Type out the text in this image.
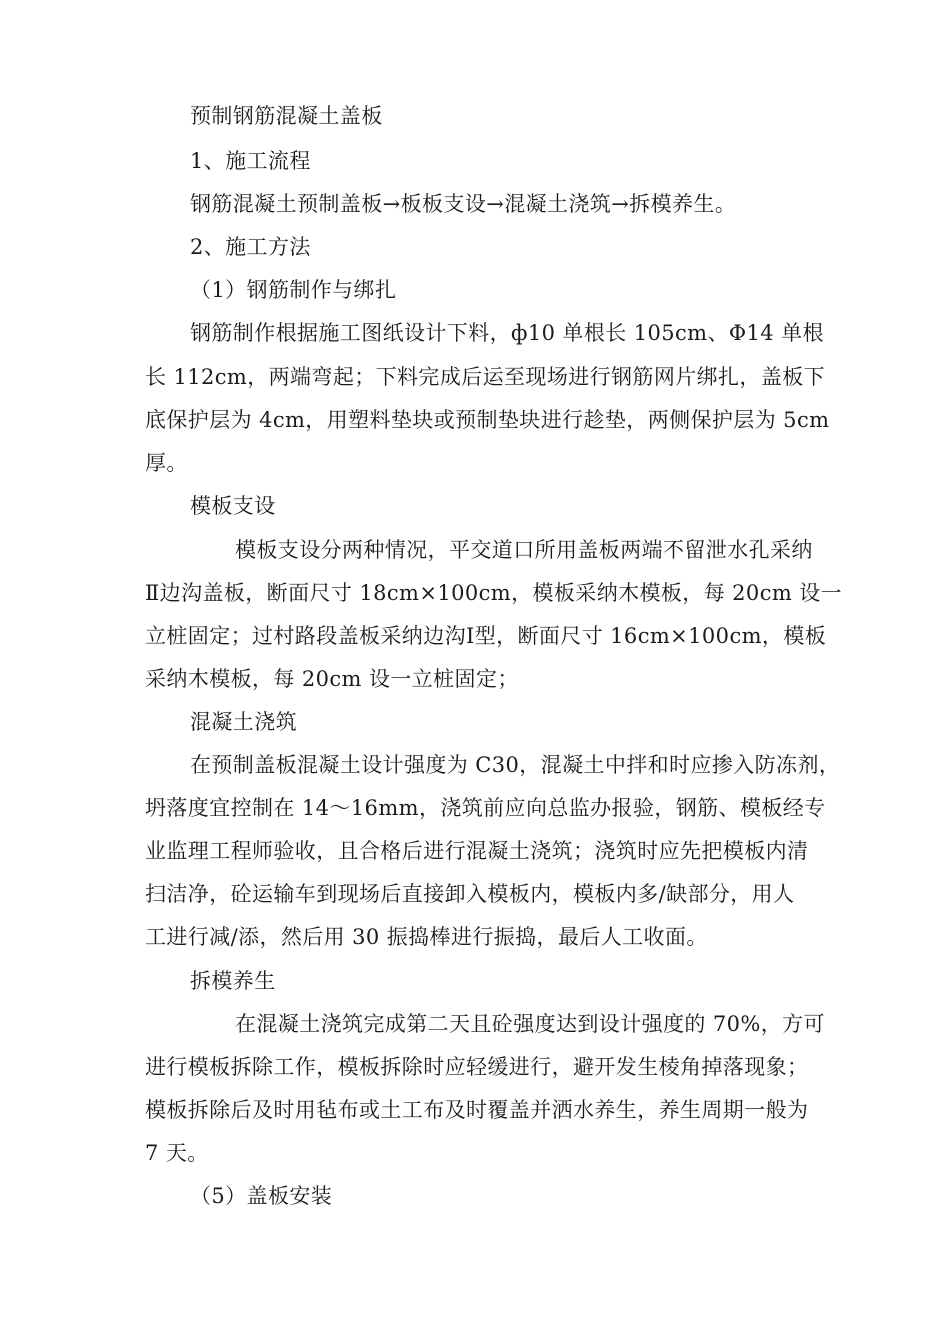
预制钢筋混凝土盖板
1、施工流程
钢筋混凝土预制盖板→板板支设→混凝土浇筑→拆模养生。
2、施工方法
（1）钢筋制作与绑扎
钢筋制作根据施工图纸设计下料，ф10 单根长 105cm、Φ14 单根
长 112cm，两端弯起；下料完成后运至现场进行钢筋网片绑扎，盖板下
底保护层为 4cm，用塑料垫块或预制垫块进行趁垫，两侧保护层为 5cm
厚。
模板支设
模板支设分两种情况，平交道口所用盖板两端不留泄水孔采纳
Ⅱ边沟盖板，断面尺寸 18cm×100cm，模板采纳木模板，每 20cm 设一
立桩固定；过村路段盖板采纳边沟Ⅰ型，断面尺寸 16cm×100cm，模板
采纳木模板，每 20cm 设一立桩固定；
混凝土浇筑
在预制盖板混凝土设计强度为 C30，混凝土中拌和时应掺入防冻剂，
坍落度宜控制在 14～16mm，浇筑前应向总监办报验，钢筋、模板经专
业监理工程师验收，且合格后进行混凝土浇筑；浇筑时应先把模板内清
扫洁净，砼运输车到现场后直接卸入模板内，模板内多/缺部分，用人
工进行减/添，然后用 30 振捣棒进行振捣，最后人工收面。
拆模养生
在混凝土浇筑完成第二天且砼强度达到设计强度的 70%，方可
进行模板拆除工作，模板拆除时应轻缓进行，避开发生棱角掉落现象；
模板拆除后及时用毡布或土工布及时覆盖并洒水养生，养生周期一般为
7 天。
（5）盖板安装
